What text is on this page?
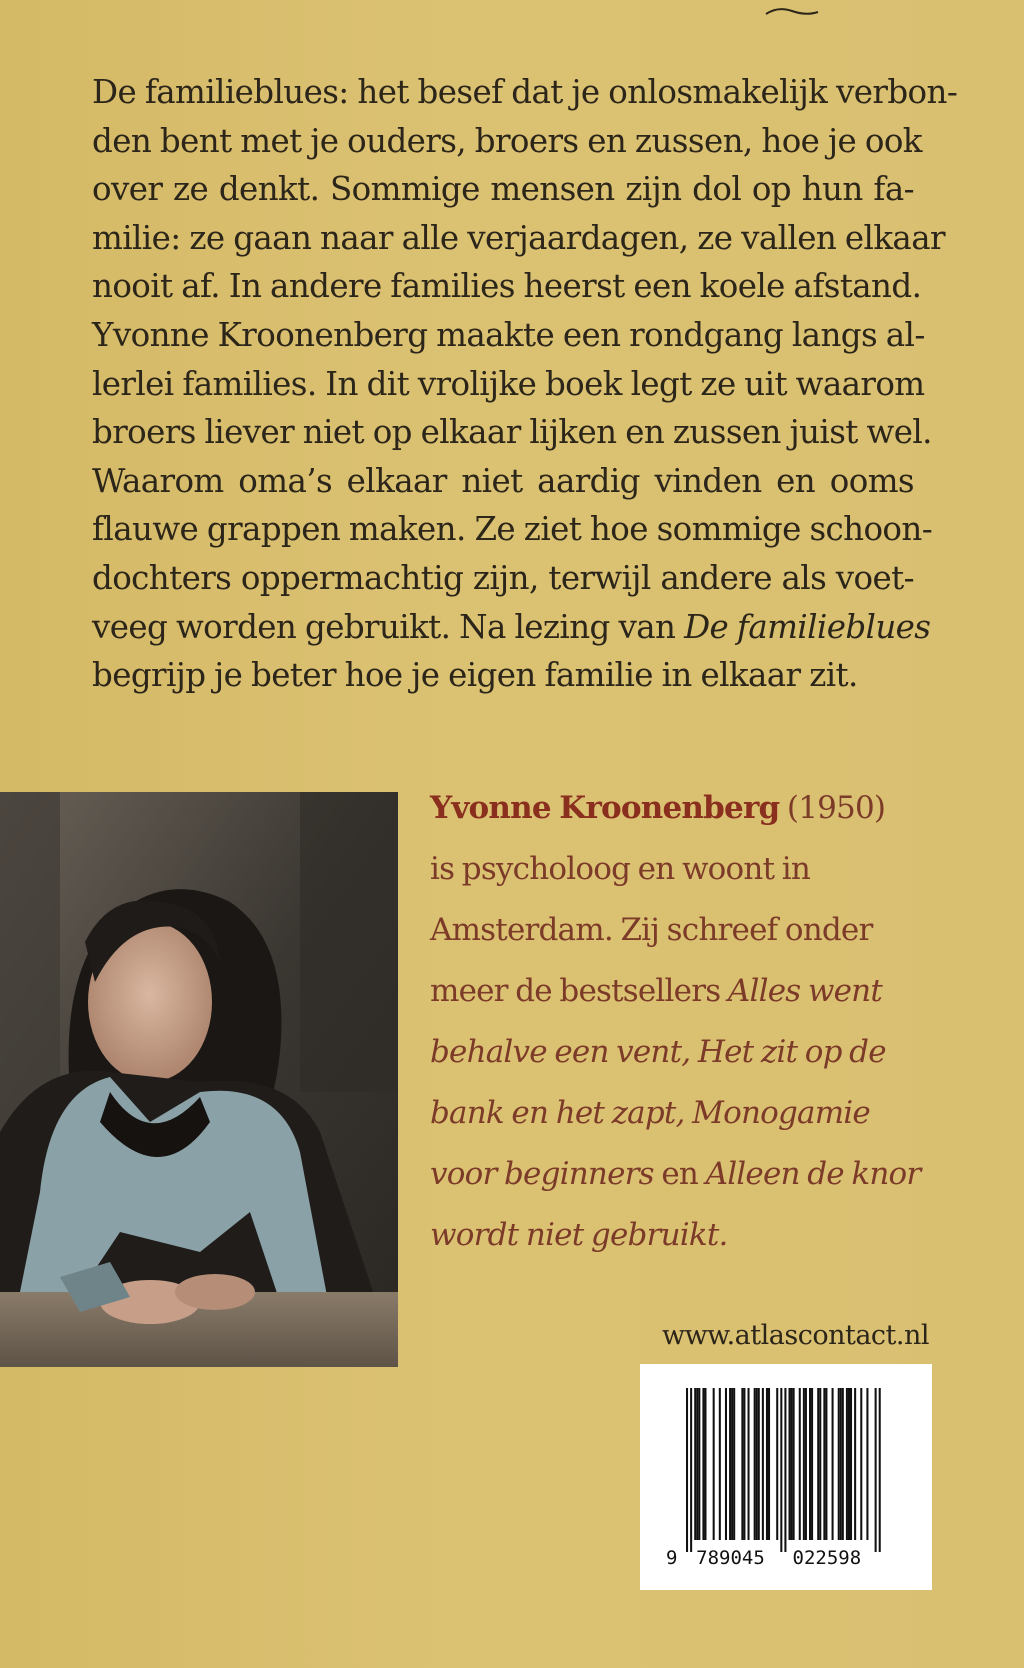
De familieblues: het besef dat je onlosmakelijk verbon-
den bent met je ouders, broers en zussen, hoe je ook
over ze denkt. Sommige mensen zijn dol op hun fa-
milie: ze gaan naar alle verjaardagen, ze vallen elkaar
nooit af. In andere families heerst een koele afstand.
Yvonne Kroonenberg maakte een rondgang langs al-
lerlei families. In dit vrolijke boek legt ze uit waarom
broers liever niet op elkaar lijken en zussen juist wel.
Waarom oma’s elkaar niet aardig vinden en ooms
flauwe grappen maken. Ze ziet hoe sommige schoon-
dochters oppermachtig zijn, terwijl andere als voet-
veeg worden gebruikt. Na lezing van De familieblues
begrijp je beter hoe je eigen familie in elkaar zit.
Yvonne Kroonenberg (1950)
is psycholoog en woont in
Amsterdam. Zij schreef onder
meer de bestsellers Alles went
behalve een vent, Het zit op de
bank en het zapt, Monogamie
voor beginners en Alleen de knor
wordt niet gebruikt.
www.atlascontact.nl
9 789045 022598
